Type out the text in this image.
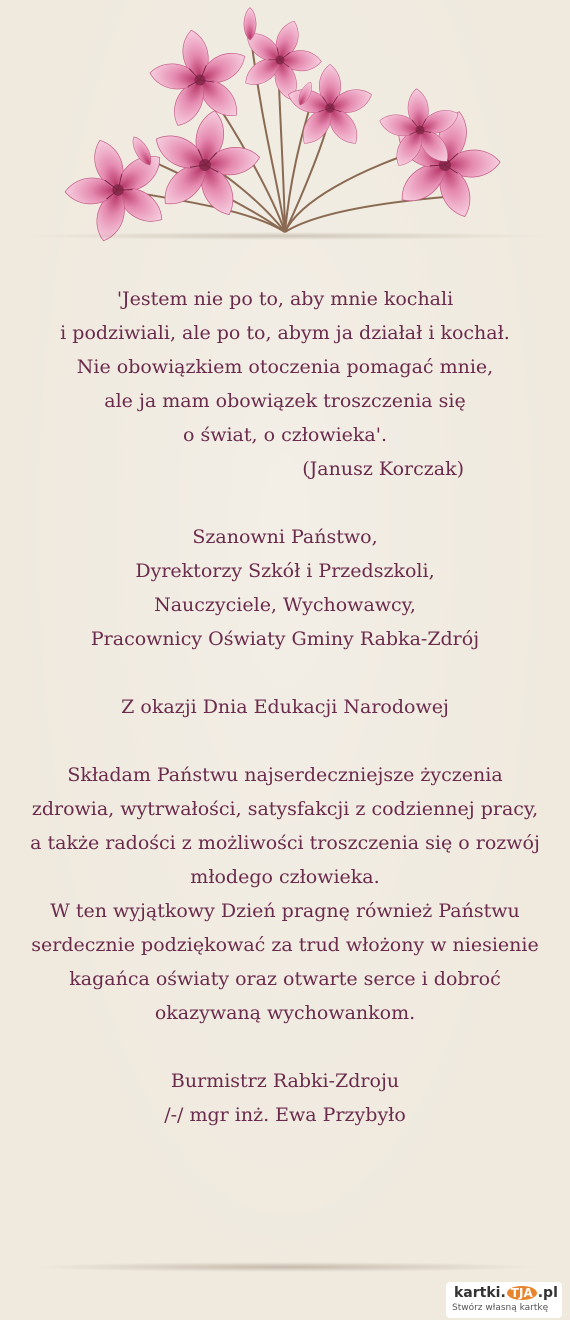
'Jestem nie po to, aby mnie kochali
i podziwiali, ale po to, abym ja działał i kochał.
Nie obowiązkiem otoczenia pomagać mnie,
ale ja mam obowiązek troszczenia się
o świat, o człowieka'.
(Janusz Korczak)
Szanowni Państwo,
Dyrektorzy Szkół i Przedszkoli,
Nauczyciele, Wychowawcy,
Pracownicy Oświaty Gminy Rabka-Zdrój
Z okazji Dnia Edukacji Narodowej
Składam Państwu najserdeczniejsze życzenia
zdrowia, wytrwałości, satysfakcji z codziennej pracy,
a także radości z możliwości troszczenia się o rozwój
młodego człowieka.
W ten wyjątkowy Dzień pragnę również Państwu
serdecznie podziękować za trud włożony w niesienie
kagańca oświaty oraz otwarte serce i dobroć
okazywaną wychowankom.
Burmistrz Rabki-Zdroju
/-/ mgr inż. Ewa Przybyło
kartki. TJA .pl
Stwórz własną kartkę
